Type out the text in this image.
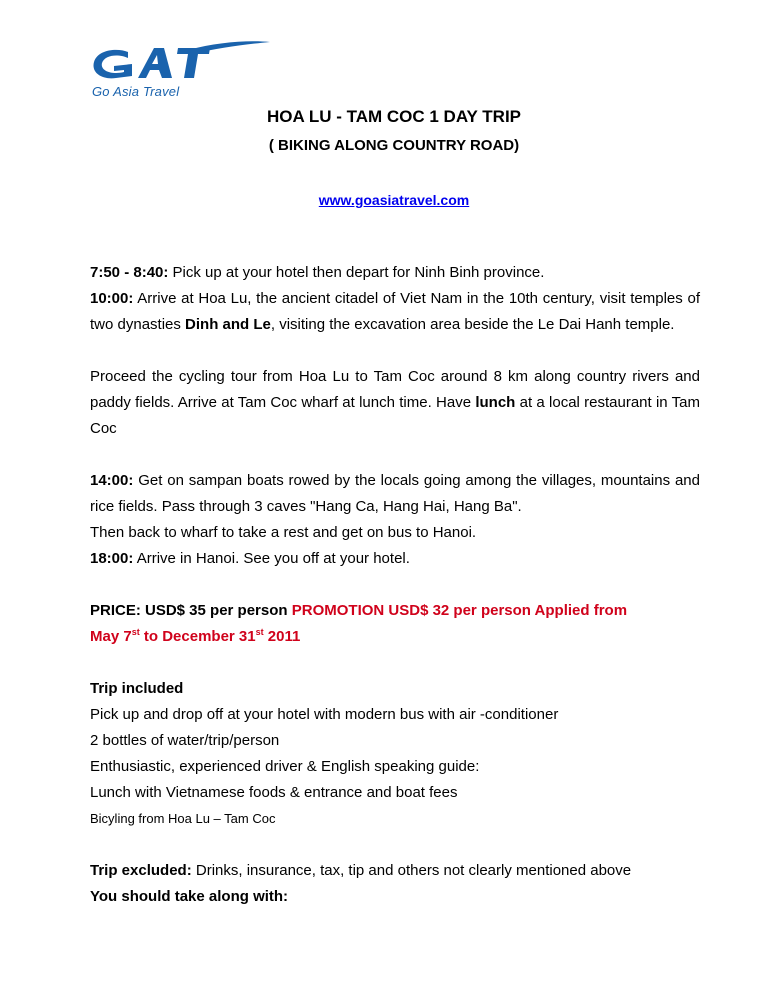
Go Asia Travel
HOA LU - TAM COC 1 DAY TRIP
( BIKING ALONG COUNTRY ROAD)
www.goasiatravel.com

7:50 - 8:40: Pick up at your hotel then depart for Ninh Binh province.

10:00: Arrive at Hoa Lu, the ancient citadel of Viet Nam in the 10th century, visit temples of two dynasties Dinh and Le, visiting the excavation area beside the Le Dai Hanh temple.

Proceed the cycling tour from Hoa Lu to Tam Coc around 8 km along country rivers and paddy fields. Arrive at Tam Coc wharf at lunch time. Have lunch at a local restaurant in Tam Coc

14:00: Get on sampan boats rowed by the locals going among the villages, mountains and rice fields. Pass through 3 caves "Hang Ca, Hang Hai, Hang Ba".

Then back to wharf to take a rest and get on bus to Hanoi.

18:00: Arrive in Hanoi. See you off at your hotel.

PRICE: USD$ 35 per person PROMOTION USD$ 32 per person Applied from

May 7st to December 31st 2011

Trip included

Pick up and drop off at your hotel with modern bus with air -conditioner

2 bottles of water/trip/person

Enthusiastic, experienced driver & English speaking guide:

Lunch with Vietnamese foods & entrance and boat fees

Bicyling from Hoa Lu – Tam Coc

Trip excluded: Drinks, insurance, tax, tip and others not clearly mentioned above

You should take along with:
